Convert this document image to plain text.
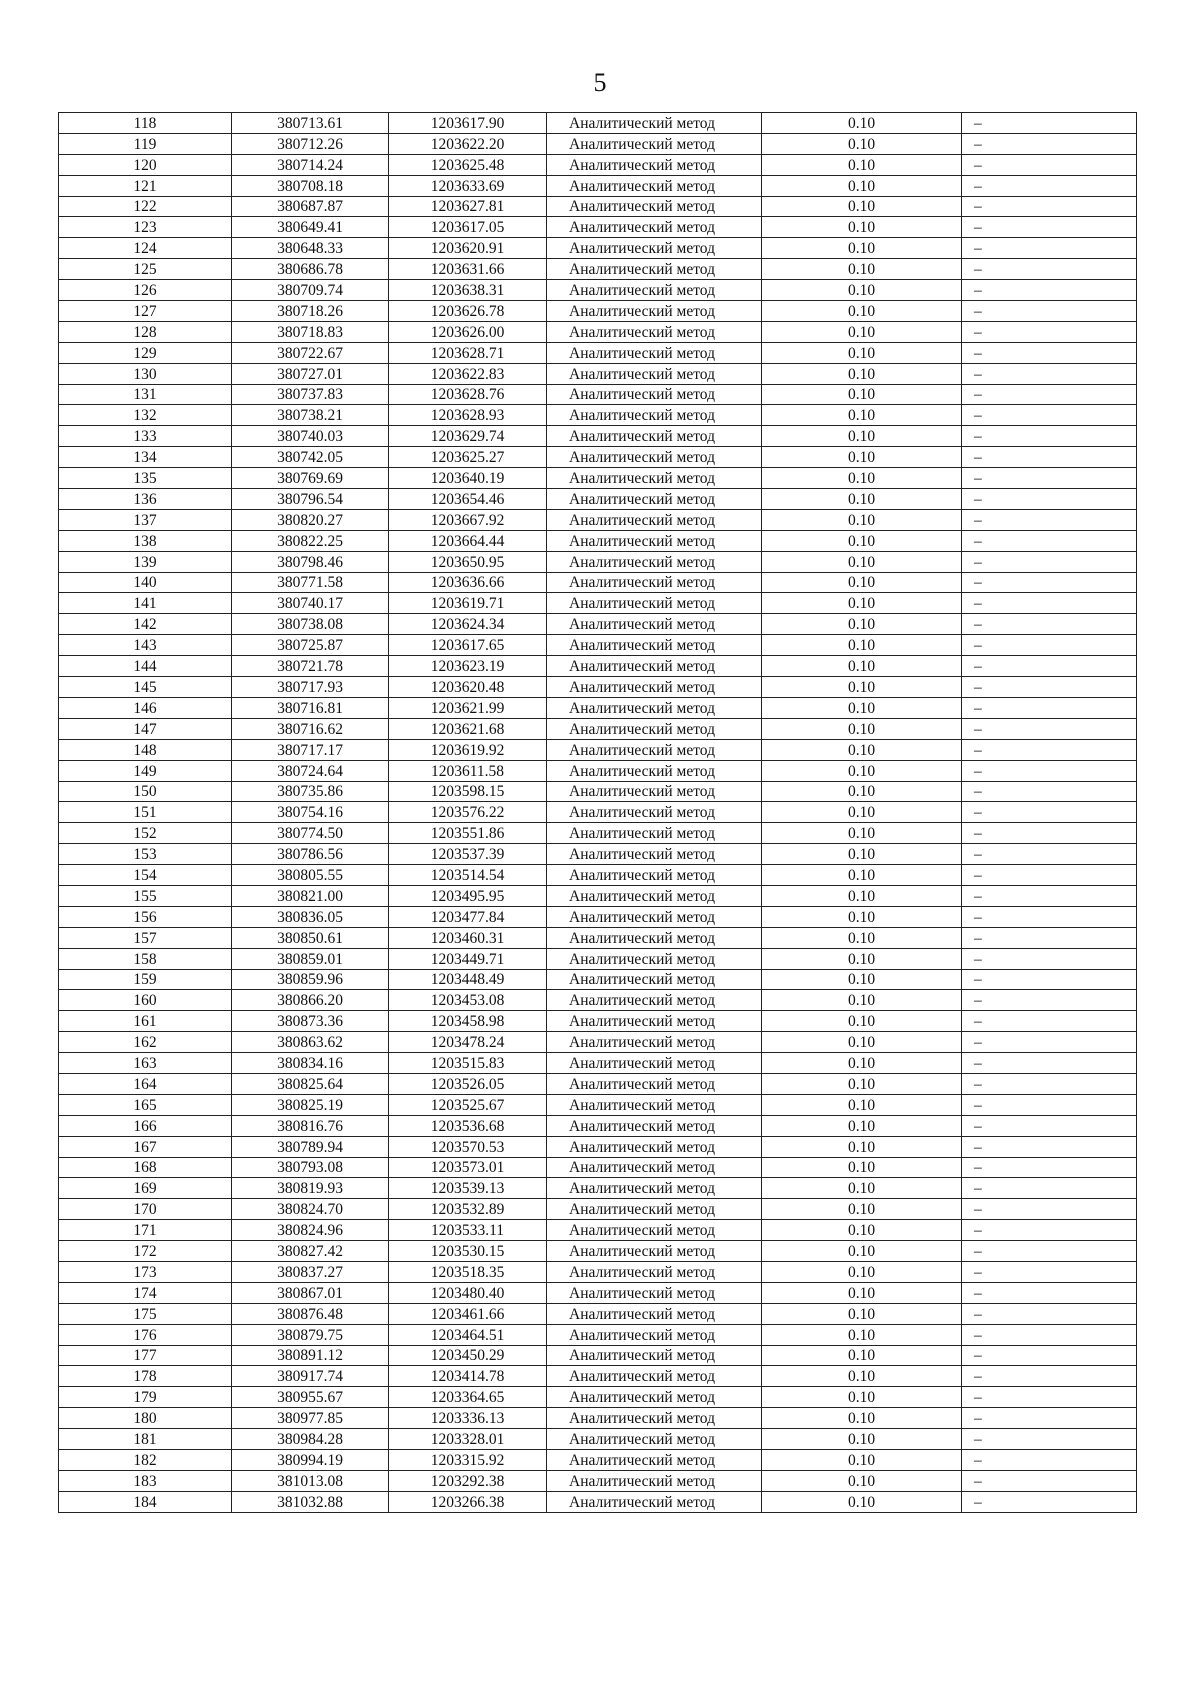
5
118	380713.61	1203617.90	Аналитический метод	0.10	–
119	380712.26	1203622.20	Аналитический метод	0.10	–
120	380714.24	1203625.48	Аналитический метод	0.10	–
121	380708.18	1203633.69	Аналитический метод	0.10	–
122	380687.87	1203627.81	Аналитический метод	0.10	–
123	380649.41	1203617.05	Аналитический метод	0.10	–
124	380648.33	1203620.91	Аналитический метод	0.10	–
125	380686.78	1203631.66	Аналитический метод	0.10	–
126	380709.74	1203638.31	Аналитический метод	0.10	–
127	380718.26	1203626.78	Аналитический метод	0.10	–
128	380718.83	1203626.00	Аналитический метод	0.10	–
129	380722.67	1203628.71	Аналитический метод	0.10	–
130	380727.01	1203622.83	Аналитический метод	0.10	–
131	380737.83	1203628.76	Аналитический метод	0.10	–
132	380738.21	1203628.93	Аналитический метод	0.10	–
133	380740.03	1203629.74	Аналитический метод	0.10	–
134	380742.05	1203625.27	Аналитический метод	0.10	–
135	380769.69	1203640.19	Аналитический метод	0.10	–
136	380796.54	1203654.46	Аналитический метод	0.10	–
137	380820.27	1203667.92	Аналитический метод	0.10	–
138	380822.25	1203664.44	Аналитический метод	0.10	–
139	380798.46	1203650.95	Аналитический метод	0.10	–
140	380771.58	1203636.66	Аналитический метод	0.10	–
141	380740.17	1203619.71	Аналитический метод	0.10	–
142	380738.08	1203624.34	Аналитический метод	0.10	–
143	380725.87	1203617.65	Аналитический метод	0.10	–
144	380721.78	1203623.19	Аналитический метод	0.10	–
145	380717.93	1203620.48	Аналитический метод	0.10	–
146	380716.81	1203621.99	Аналитический метод	0.10	–
147	380716.62	1203621.68	Аналитический метод	0.10	–
148	380717.17	1203619.92	Аналитический метод	0.10	–
149	380724.64	1203611.58	Аналитический метод	0.10	–
150	380735.86	1203598.15	Аналитический метод	0.10	–
151	380754.16	1203576.22	Аналитический метод	0.10	–
152	380774.50	1203551.86	Аналитический метод	0.10	–
153	380786.56	1203537.39	Аналитический метод	0.10	–
154	380805.55	1203514.54	Аналитический метод	0.10	–
155	380821.00	1203495.95	Аналитический метод	0.10	–
156	380836.05	1203477.84	Аналитический метод	0.10	–
157	380850.61	1203460.31	Аналитический метод	0.10	–
158	380859.01	1203449.71	Аналитический метод	0.10	–
159	380859.96	1203448.49	Аналитический метод	0.10	–
160	380866.20	1203453.08	Аналитический метод	0.10	–
161	380873.36	1203458.98	Аналитический метод	0.10	–
162	380863.62	1203478.24	Аналитический метод	0.10	–
163	380834.16	1203515.83	Аналитический метод	0.10	–
164	380825.64	1203526.05	Аналитический метод	0.10	–
165	380825.19	1203525.67	Аналитический метод	0.10	–
166	380816.76	1203536.68	Аналитический метод	0.10	–
167	380789.94	1203570.53	Аналитический метод	0.10	–
168	380793.08	1203573.01	Аналитический метод	0.10	–
169	380819.93	1203539.13	Аналитический метод	0.10	–
170	380824.70	1203532.89	Аналитический метод	0.10	–
171	380824.96	1203533.11	Аналитический метод	0.10	–
172	380827.42	1203530.15	Аналитический метод	0.10	–
173	380837.27	1203518.35	Аналитический метод	0.10	–
174	380867.01	1203480.40	Аналитический метод	0.10	–
175	380876.48	1203461.66	Аналитический метод	0.10	–
176	380879.75	1203464.51	Аналитический метод	0.10	–
177	380891.12	1203450.29	Аналитический метод	0.10	–
178	380917.74	1203414.78	Аналитический метод	0.10	–
179	380955.67	1203364.65	Аналитический метод	0.10	–
180	380977.85	1203336.13	Аналитический метод	0.10	–
181	380984.28	1203328.01	Аналитический метод	0.10	–
182	380994.19	1203315.92	Аналитический метод	0.10	–
183	381013.08	1203292.38	Аналитический метод	0.10	–
184	381032.88	1203266.38	Аналитический метод	0.10	–
